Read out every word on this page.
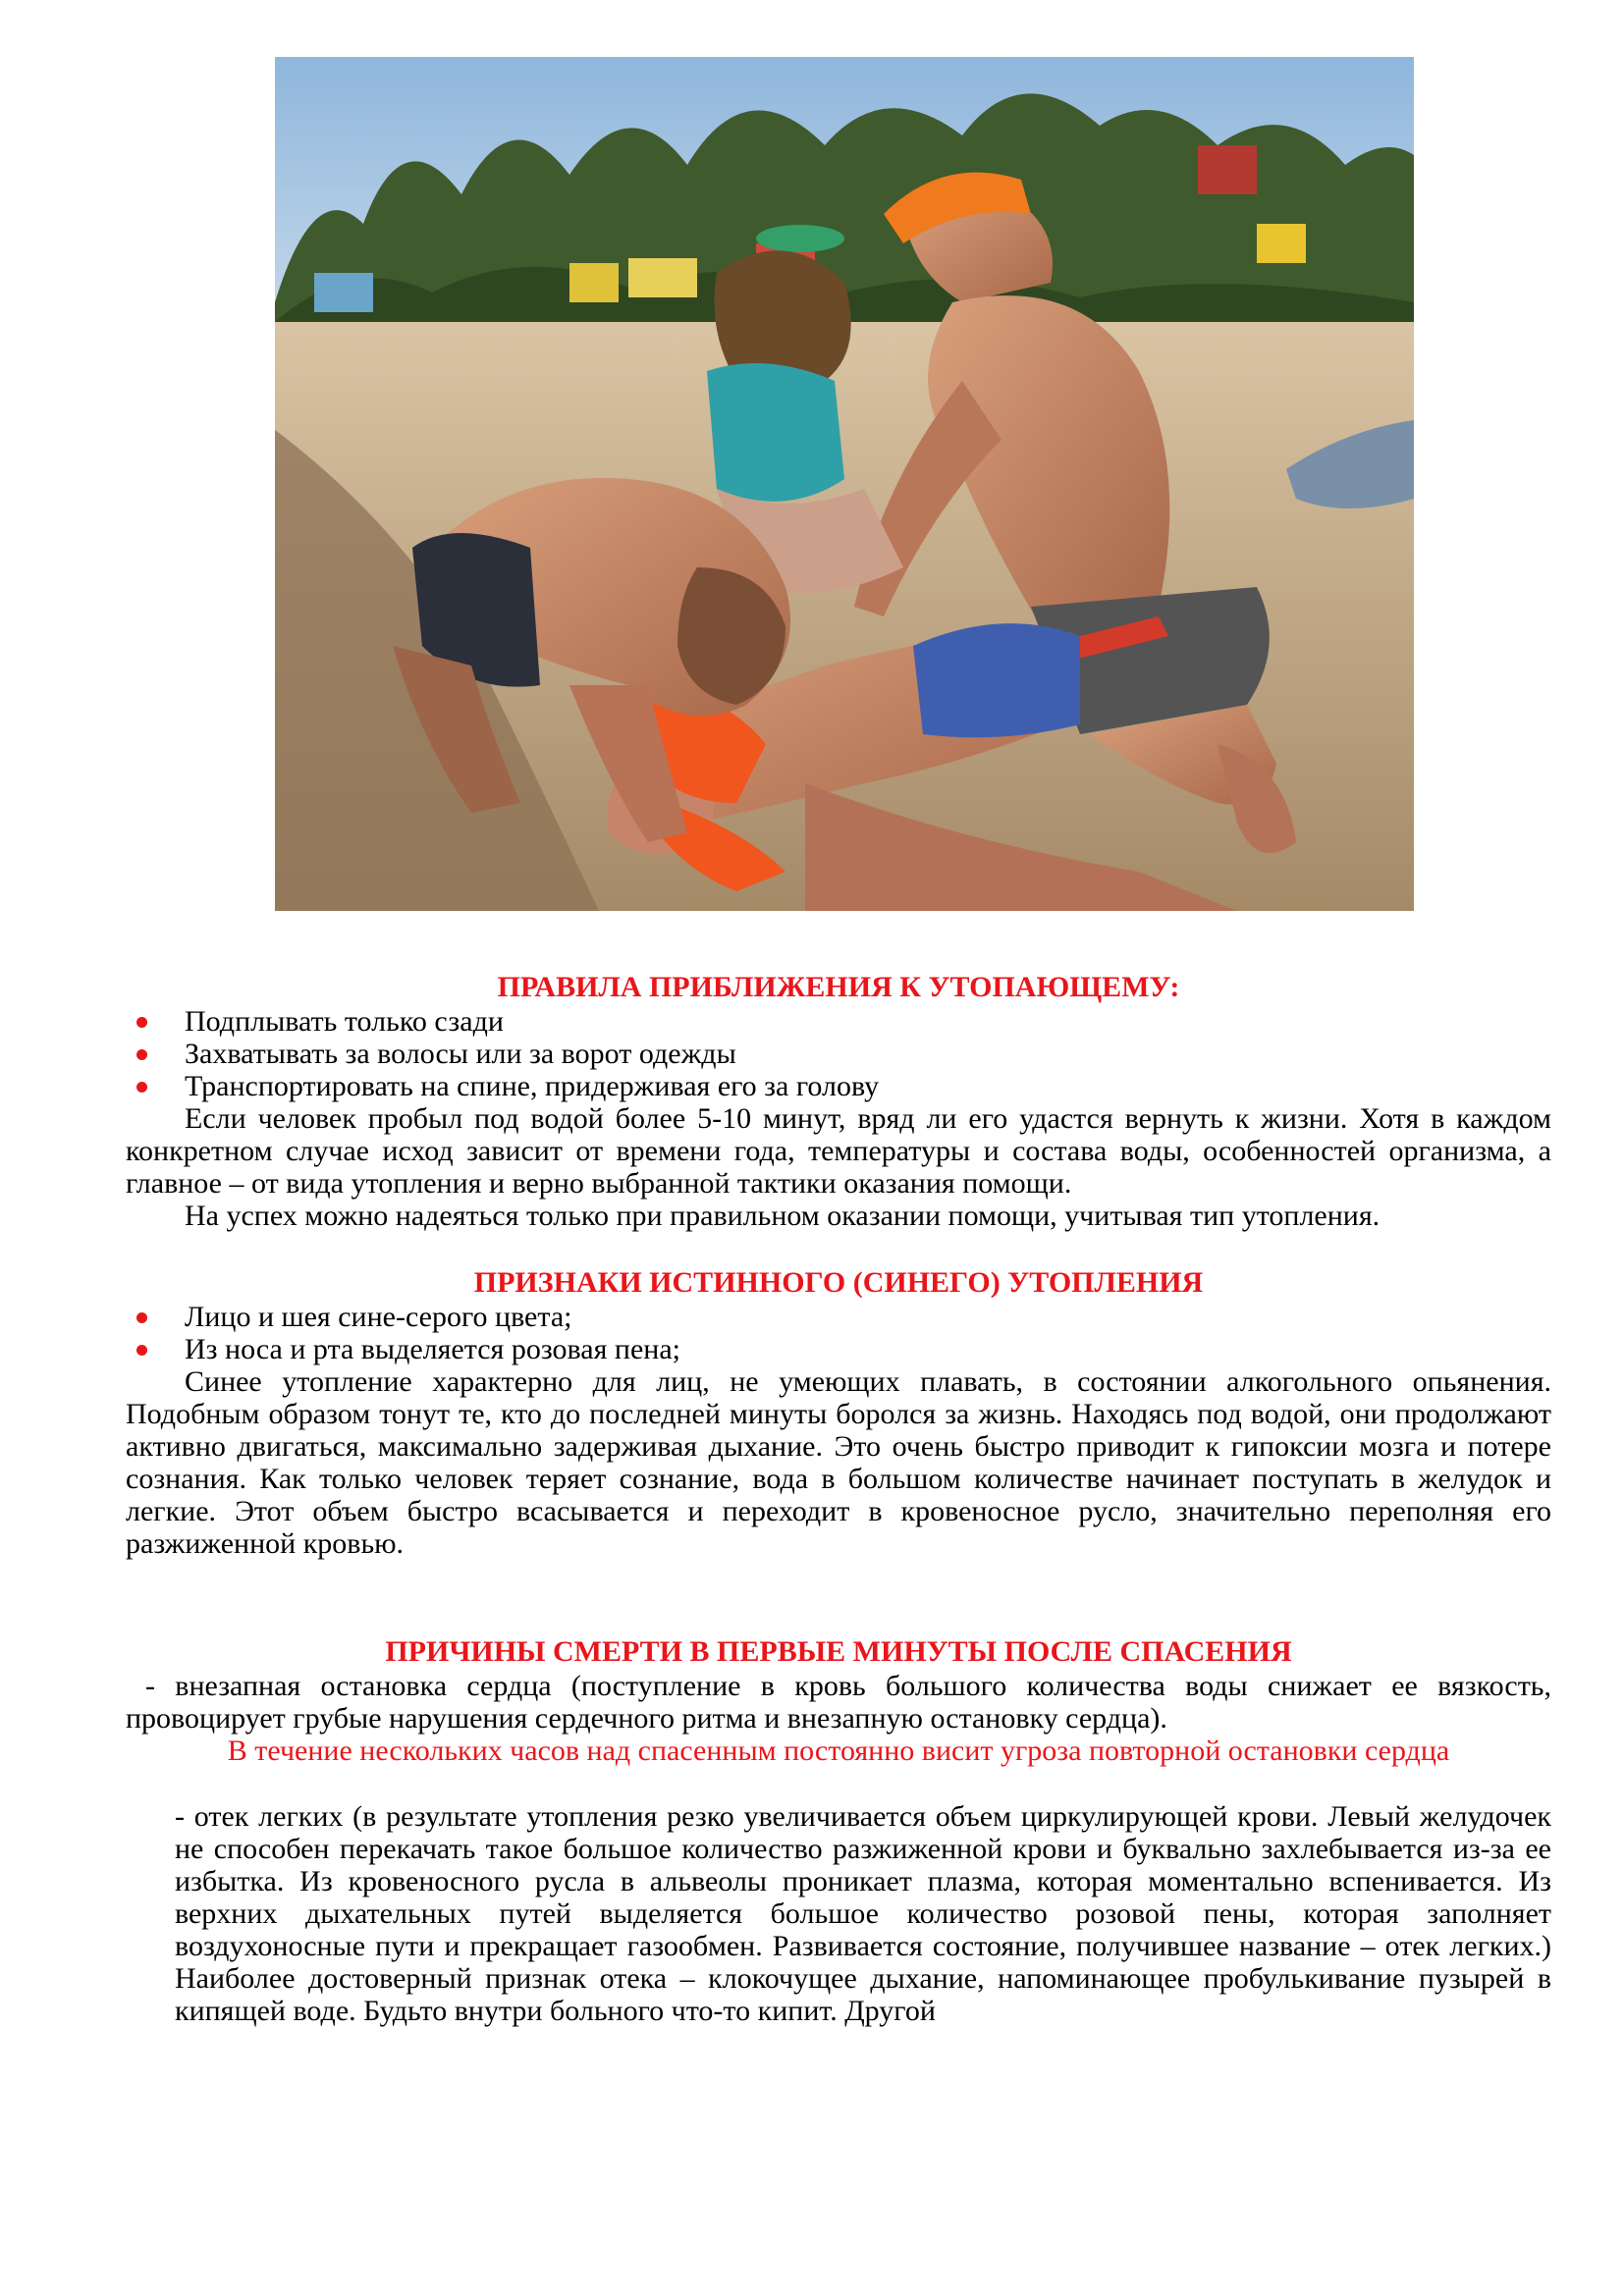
ПРАВИЛА ПРИБЛИЖЕНИЯ К УТОПАЮЩЕМУ:
Подплывать только сзади
Захватывать за волосы или за ворот одежды
Транспортировать на спине, придерживая его за голову

Если человек пробыл под водой более 5-10 минут, вряд ли его удастся вернуть к жизни. Хотя в каждом конкретном случае исход зависит от времени года, температуры и состава воды, особенностей организма, а главное – от вида утопления и верно выбранной тактики оказания помощи.

На успех можно надеяться только при правильном оказании помощи, учитывая тип утопления.

ПРИЗНАКИ ИСТИННОГО (СИНЕГО) УТОПЛЕНИЯ
Лицо и шея сине-серого цвета;
Из носа и рта выделяется розовая пена;

Синее утопление характерно для лиц, не умеющих плавать, в состоянии алкогольного опьянения. Подобным образом тонут те, кто до последней минуты боролся за жизнь. Находясь под водой, они продолжают активно двигаться, максимально задерживая дыхание. Это очень быстро приводит к гипоксии мозга и потере сознания. Как только человек теряет сознание, вода в большом количестве начинает поступать в желудок и легкие. Этот объем быстро всасывается и переходит в кровеносное русло, значительно переполняя его разжиженной кровью.

ПРИЧИНЫ СМЕРТИ В ПЕРВЫЕ МИНУТЫ ПОСЛЕ СПАСЕНИЯ

- внезапная остановка сердца (поступление в кровь большого количества воды снижает ее вязкость, провоцирует грубые нарушения сердечного ритма и внезапную остановку сердца).

В течение нескольких часов над спасенным постоянно висит угроза повторной остановки сердца

- отек легких (в результате утопления резко увеличивается объем циркулирующей крови. Левый желудочек не способен перекачать такое большое количество разжиженной крови и буквально захлебывается из-за ее избытка. Из кровеносного русла в альвеолы проникает плазма, которая моментально вспенивается. Из верхних дыхательных путей выделяется большое количество розовой пены, которая заполняет воздухоносные пути и прекращает газообмен. Развивается состояние, получившее название – отек легких.) Наиболее достоверный признак отека – клокочущее дыхание, напоминающее пробулькивание пузырей в кипящей воде. Будьто внутри больного что-то кипит. Другой
